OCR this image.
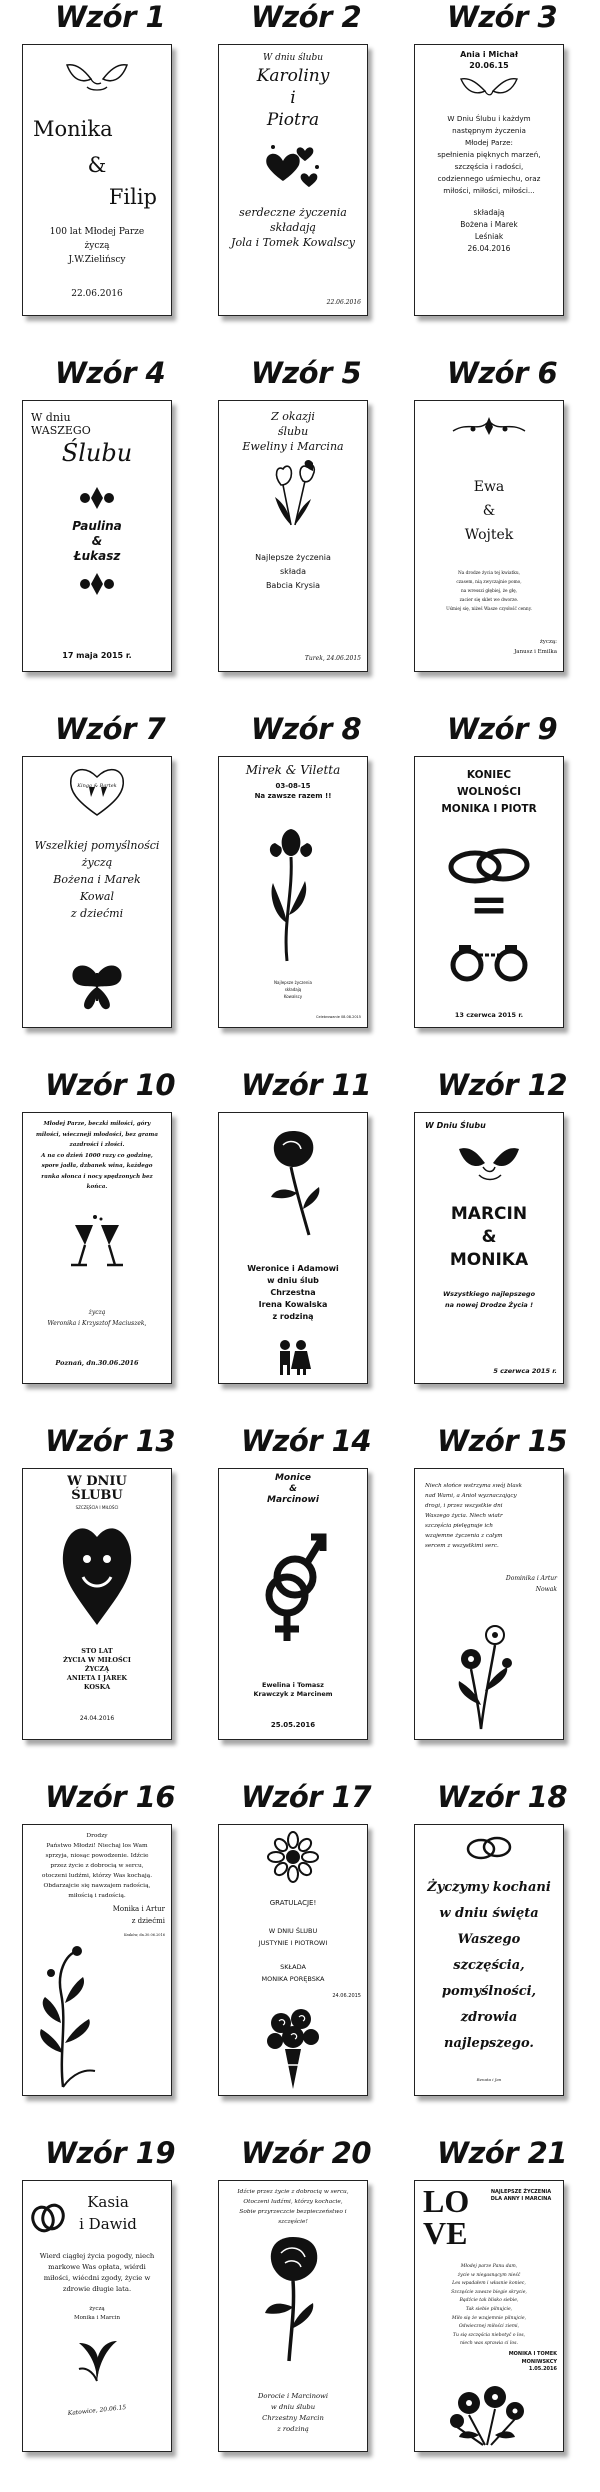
Wzór 1
Monika
&
Filip
100 lat Młodej Parze
życzą
J.W.Zielińscy
22.06.2016
Wzór 2
W dniu ślubu
Karoliny
i
Piotra
serdeczne życzenia
składają
Jola i Tomek Kowalscy
22.06.2016
Wzór 3
Ania i Michał
20.06.15
W Dniu Ślubu i każdym
następnym życzenia
Młodej Parze:
spełnienia pięknych marzeń,
szczęścia i radości,
codziennego uśmiechu, oraz
miłości, miłości, miłości...
składają
Bożena i Marek
Leśniak
26.04.2016
Wzór 4
W dniu
WASZEGO
Ślubu
Paulina
&
Łukasz
17 maja 2015 r.
Wzór 5
Z okazji
ślubu
Eweliny i Marcina
Najlepsze życzenia
składa
Babcia Krysia
Turek, 24.06.2015
Wzór 6
Ewa
&
Wojtek
Na drodze życia tej kwiatku,
czasem, nią zwyczajnie pomo,
na wresszi głębiej, że głę,
zacier się sklet we dworze.
Uśmiej się, niżeś Wasze czysłość cenny.
życzą:
Janusz i Emilka
Wzór 7
Kinga & Bartek
Wszelkiej pomyślności
życzą
Bożena i Marek
Kowal
z dziećmi
Wzór 8
Mirek & Viletta
03-08-15
Na zawsze razem !!
Najlepsze życzenia
składają
Kowalscy
Celebrowanie 08.08.2015
Wzór 9
KONIEC
WOLNOŚCI
MONIKA I PIOTR
=
13 czerwca 2015 r.
Wzór 10
Młodej Parze, beczki miłości, góry
miłości, wieczneji młodości, bez grama
zazdrości i złości.
A na co dzień 1000 razy co godzinę,
spore jadła, dzbanek wina, każdego
ranka słonca i nocy spędzonych bez
końca.
życzą
Weronika i Krzysztof Maciuszek,
Poznań, dn.30.06.2016
Wzór 11
Weronice i Adamowi
w dniu ślub
Chrzestna
Irena Kowalska
z rodziną
Wzór 12
W Dniu Ślubu
MARCIN
&
MONIKA
Wszystkiego najlepszego
na nowej Drodze Życia !
5 czerwca 2015 r.
Wzór 13
W DNIU
ŚLUBU
SZCZĘŚCIA I MIŁOŚCI
STO LAT
ŻYCIA W MIŁOŚCI
ŻYCZĄ
ANIETA I JAREK
KOSKA
24.04.2016
Wzór 14
Monice
&
Marcinowi
Ewelina i Tomasz
Krawczyk z Marcinem
25.05.2016
Wzór 15
Niech słońce wstrzyma swój blask
nad Wami, a Anioł wyznaczający
drogi, i przez wszystkie dni
Waszego życia. Niech wiatr
szczęścia pielęgnuje ich
wzajemne życzenia z całym
sercem z wszystkimi serc.
Dominika i Artur
Nowak
Wzór 16
Drodzy
Państwo Młodzi! Niechaj los Wam
sprzyja, niosąc powodzenie. Idźcie
przez życie z dobrocią w sercu,
otoczeni ludźmi, którzy Was kochają.
Obdarzajcie się nawzajem radością,
miłością i radością.
Monika i Artur
z dziećmi
Kraków, dn.30.06.2016
Wzór 17
GRATULACJE!
W DNIU ŚLUBU
JUSTYNIE I PIOTROWI
SKŁADA
MONIKA PORĘBSKA
24.06.2015
Wzór 18
Życzymy kochani
w dniu święta
Waszego
szczęścia,
pomyślności,
zdrowia
najlepszego.
Renata i Jan
Wzór 19
Kasia
i Dawid
Wierd ciągłej życia pogody, niech
markowe Was opłata, wiérdi
miłości, wiécdni zgody, życie w
zdrowie długie lata.
życzą
Monika i Marcin
Katowice, 20.06.15
Wzór 20
Idźcie przez życie z dobrocią w sercu,
Otoczeni ludźmi, którzy kochacie,
Sobie przyrzeczcie bezpieczeństwo i
szczęście!
Dorocie i Marcinowi
w dniu ślubu
Chrzestny Marcin
z rodziną
Wzór 21
LO
VE
NAJLEPSZE ŻYCZENIA
DLA ANNY I MARCINA
Młodej parze Panu dam,
życie w niegasnącym nieść
Les wpadałem i własnie koniec,
Szczęście zawsze biegie skrycie,
Bądźcie tak blisko siebie,
Tak siebie pilnujcie,
Miło się że wzajemnie pilnujcie,
Odwiecznej miłości ziemi,
Tu się szczęścia niebotyć o los,
niech was sprawia ci los.
MONIKA I TOMEK
MONIWSKCY
1.05.2016
